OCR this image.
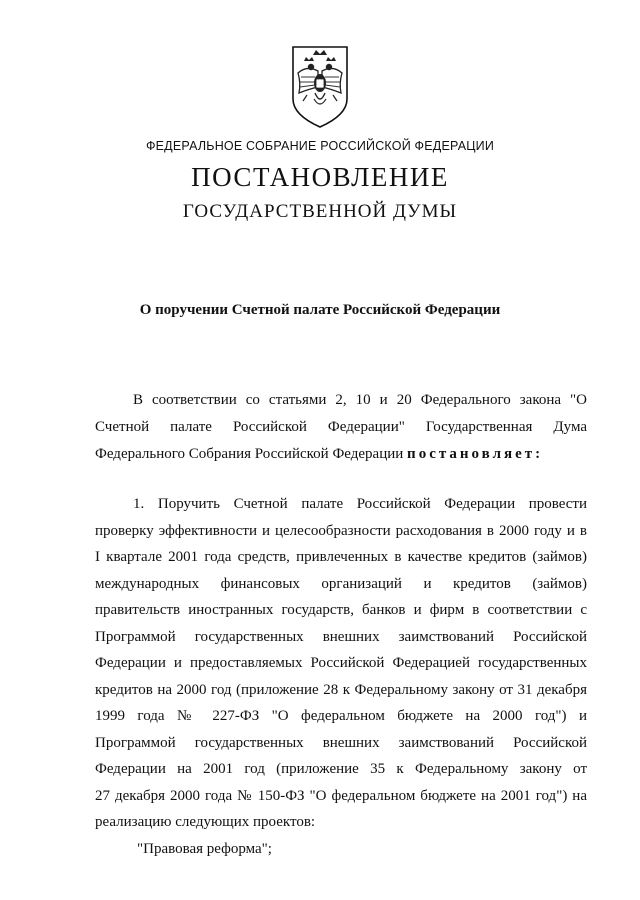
ФЕДЕРАЛЬНОЕ СОБРАНИЕ РОССИЙСКОЙ ФЕДЕРАЦИИ
ПОСТАНОВЛЕНИЕ
ГОСУДАРСТВЕННОЙ ДУМЫ
О поручении Счетной палате Российской Федерации
В соответствии со статьями 2, 10 и 20 Федерального закона "О
Счетной палате Российской Федерации" Государственная Дума
Федерального Собрания Российской Федерации постановляет:
1. Поручить Счетной палате Российской Федерации провести
проверку эффективности и целесообразности расходования в 2000 году и в
I квартале 2001 года средств, привлеченных в качестве кредитов (займов)
международных финансовых организаций и кредитов (займов)
правительств иностранных государств, банков и фирм в соответствии с
Программой государственных внешних заимствований Российской
Федерации и предоставляемых Российской Федерацией государственных
кредитов на 2000 год (приложение 28 к Федеральному закону от 31 декабря
1999 года № 227-ФЗ "О федеральном бюджете на 2000 год") и
Программой государственных внешних заимствований Российской
Федерации на 2001 год (приложение 35 к Федеральному закону от
27 декабря 2000 года № 150-ФЗ "О федеральном бюджете на 2001 год") на
реализацию следующих проектов:
"Правовая реформа";
